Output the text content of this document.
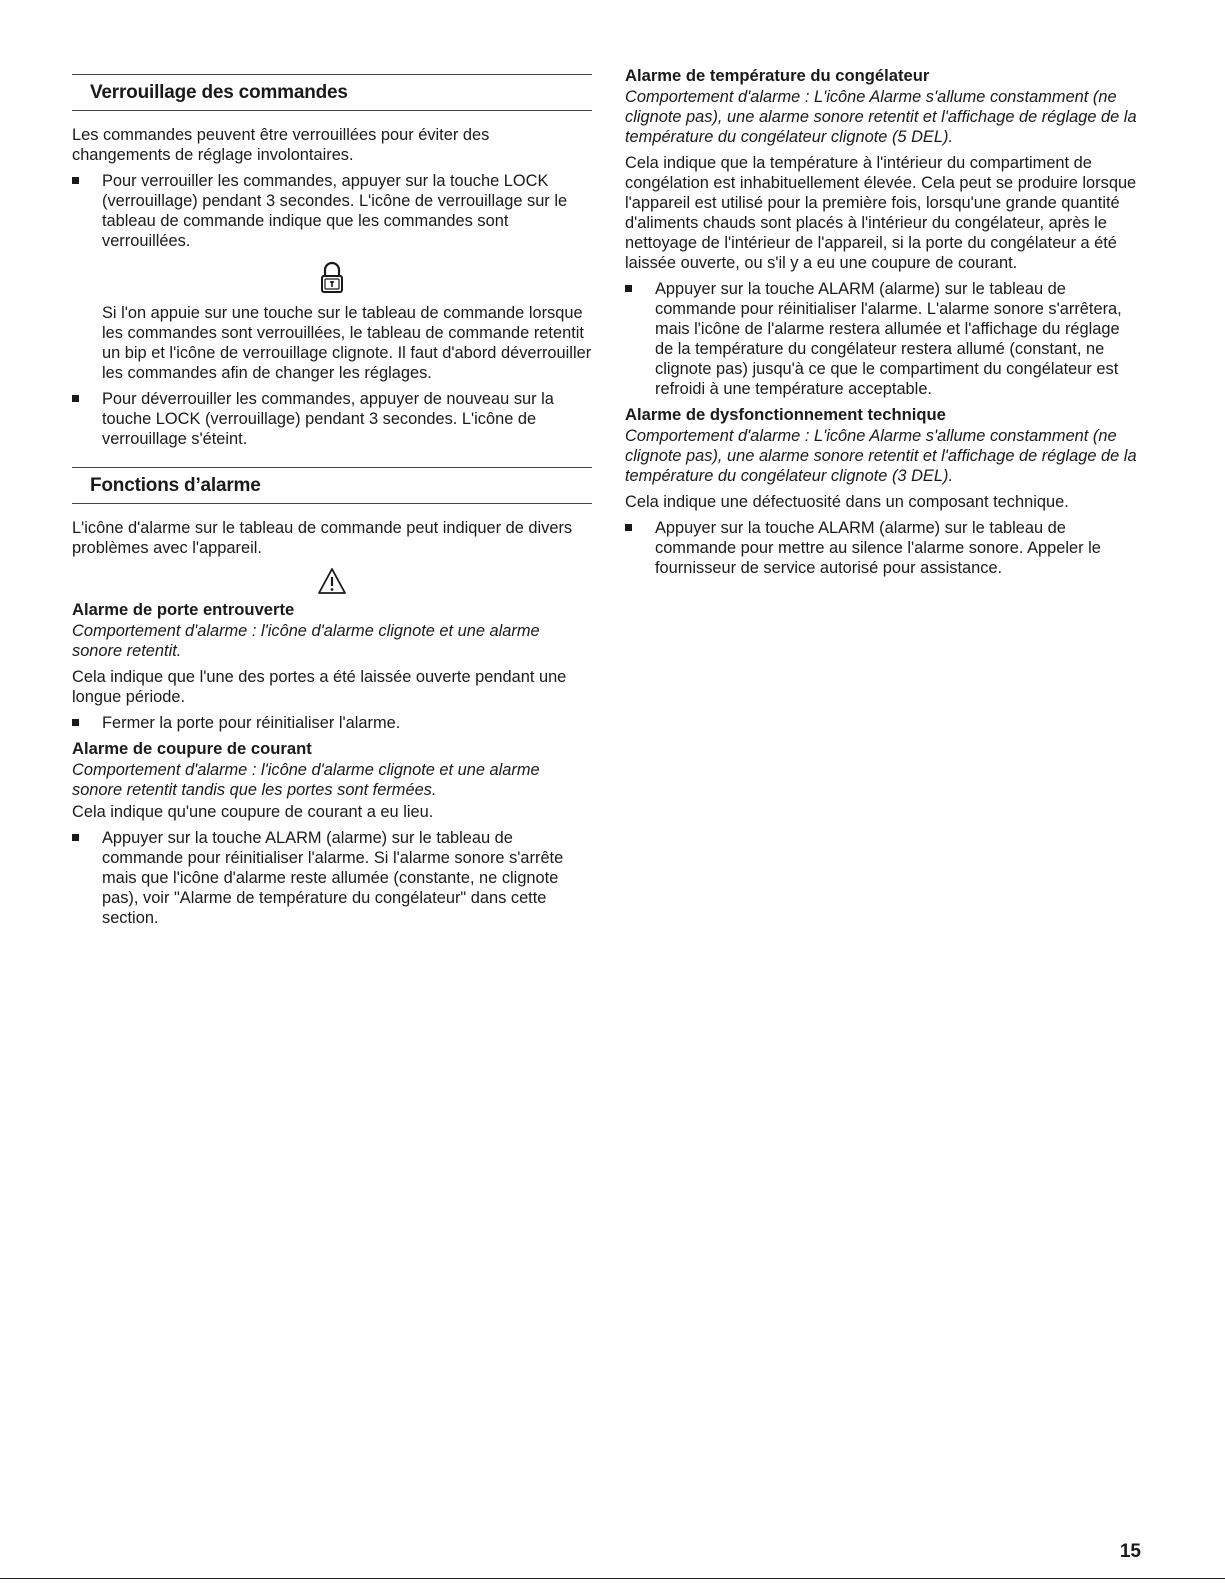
Verrouillage des commandes

Les commandes peuvent être verrouillées pour éviter des changements de réglage involontaires.

Pour verrouiller les commandes, appuyer sur la touche LOCK (verrouillage) pendant 3 secondes. L'icône de verrouillage sur le tableau de commande indique que les commandes sont verrouillées.

Si l'on appuie sur une touche sur le tableau de commande lorsque les commandes sont verrouillées, le tableau de commande retentit un bip et l'icône de verrouillage clignote. Il faut d'abord déverrouiller les commandes afin de changer les réglages.

Pour déverrouiller les commandes, appuyer de nouveau sur la touche LOCK (verrouillage) pendant 3 secondes. L'icône de verrouillage s'éteint.
Fonctions d’alarme

L'icône d'alarme sur le tableau de commande peut indiquer de divers problèmes avec l'appareil.

Alarme de porte entrouverte

Comportement d'alarme : l'icône d'alarme clignote et une alarme sonore retentit.

Cela indique que l'une des portes a été laissée ouverte pendant une longue période.

Fermer la porte pour réinitialiser l'alarme.
Alarme de coupure de courant

Comportement d'alarme : l'icône d'alarme clignote et une alarme sonore retentit tandis que les portes sont fermées.

Cela indique qu'une coupure de courant a eu lieu.

Appuyer sur la touche ALARM (alarme) sur le tableau de commande pour réinitialiser l'alarme. Si l'alarme sonore s'arrête mais que l'icône d'alarme reste allumée (constante, ne clignote pas), voir "Alarme de température du congélateur" dans cette section.
Alarme de température du congélateur

Comportement d'alarme : L'icône Alarme s'allume constamment (ne clignote pas), une alarme sonore retentit et l'affichage de réglage de la température du congélateur clignote (5 DEL).

Cela indique que la température à l'intérieur du compartiment de congélation est inhabituellement élevée. Cela peut se produire lorsque l'appareil est utilisé pour la première fois, lorsqu'une grande quantité d'aliments chauds sont placés à l'intérieur du congélateur, après le nettoyage de l'intérieur de l'appareil, si la porte du congélateur a été laissée ouverte, ou s'il y a eu une coupure de courant.

Appuyer sur la touche ALARM (alarme) sur le tableau de commande pour réinitialiser l'alarme. L'alarme sonore s'arrêtera, mais l'icône de l'alarme restera allumée et l'affichage du réglage de la température du congélateur restera allumé (constant, ne clignote pas) jusqu'à ce que le compartiment du congélateur est refroidi à une température acceptable.
Alarme de dysfonctionnement technique

Comportement d'alarme : L'icône Alarme s'allume constamment (ne clignote pas), une alarme sonore retentit et l'affichage de réglage de la température du congélateur clignote (3 DEL).

Cela indique une défectuosité dans un composant technique.

Appuyer sur la touche ALARM (alarme) sur le tableau de commande pour mettre au silence l'alarme sonore. Appeler le fournisseur de service autorisé pour assistance.
15
